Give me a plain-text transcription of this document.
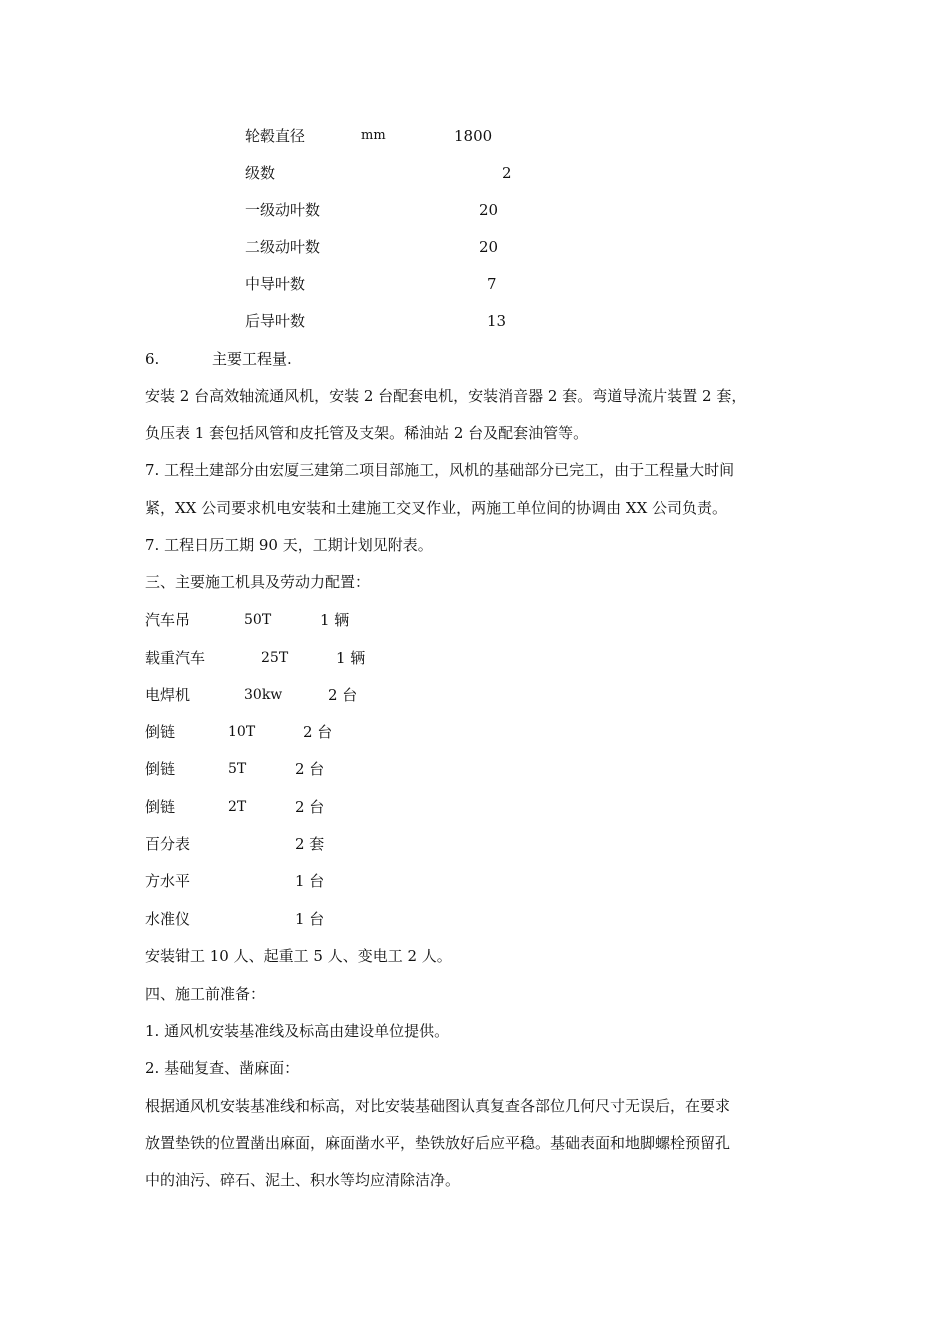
轮毂直径	mm	1800
级数	2
一级动叶数	20
二级动叶数	20
中导叶数	7
后导叶数	13
6.	主要工程量.
安装 2 台高效轴流通风机，安装 2 台配套电机，安装消音器 2 套。弯道导流片装置 2 套，
负压表 1 套包括风管和皮托管及支架。稀油站 2 台及配套油管等。
7. 工程土建部分由宏厦三建第二项目部施工，风机的基础部分已完工，由于工程量大时间
紧，XX 公司要求机电安装和土建施工交叉作业，两施工单位间的协调由 XX 公司负责。
7. 工程日历工期 90 天，工期计划见附表。
三、主要施工机具及劳动力配置：
汽车吊	50T	1 辆
载重汽车	25T	1 辆
电焊机	30kw	2 台
倒链	10T	2 台
倒链	5T	2 台
倒链	2T	2 台
百分表	2 套
方水平	1 台
水准仪	1 台
安装钳工 10 人、起重工 5 人、变电工 2 人。
四、施工前准备：
1. 通风机安装基准线及标高由建设单位提供。
2. 基础复查、凿麻面：
根据通风机安装基准线和标高，对比安装基础图认真复查各部位几何尺寸无误后，在要求
放置垫铁的位置凿出麻面，麻面凿水平，垫铁放好后应平稳。基础表面和地脚螺栓预留孔
中的油污、碎石、泥土、积水等均应清除洁净。
